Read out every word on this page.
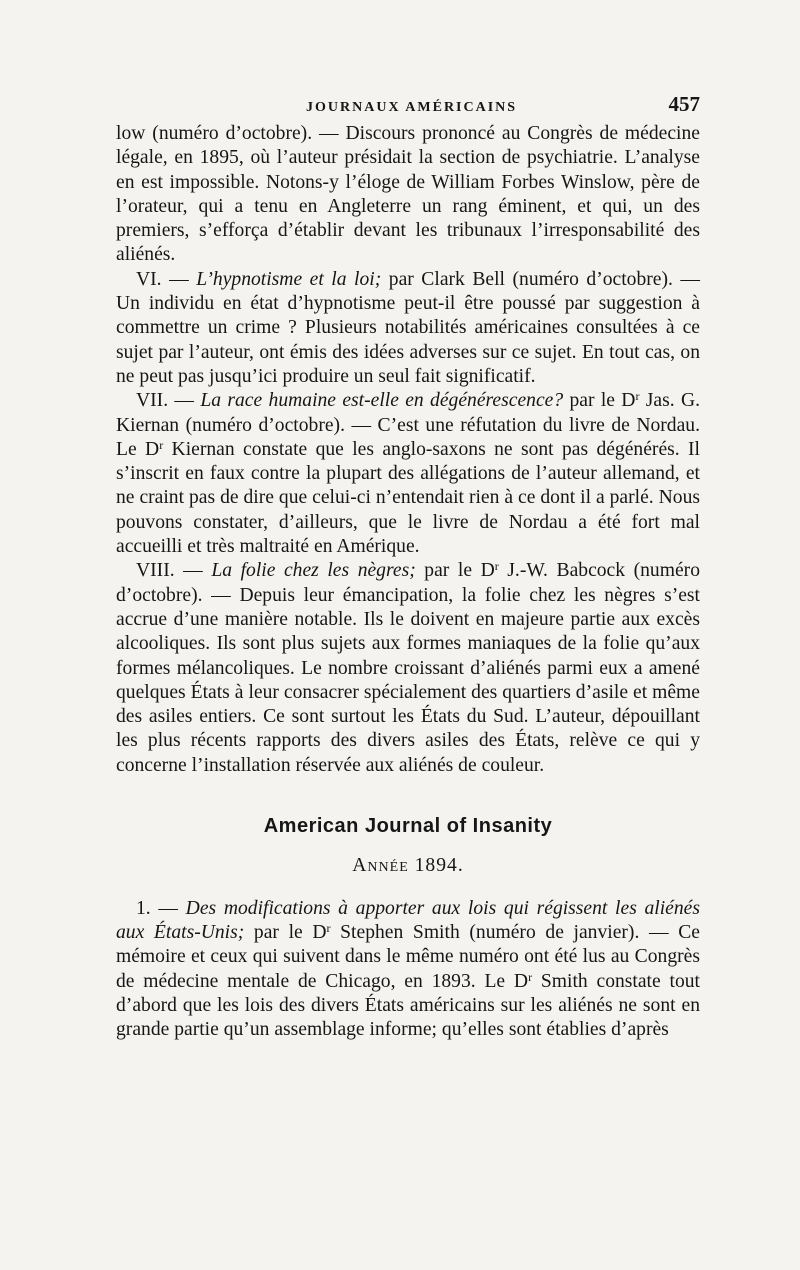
JOURNAUX AMÉRICAINS	457

low (numéro d’octobre). — Discours prononcé au Congrès de médecine légale, en 1895, où l’auteur présidait la section de psychiatrie. L’analyse en est impossible. Notons-y l’éloge de William Forbes Winslow, père de l’orateur, qui a tenu en Angleterre un rang éminent, et qui, un des premiers, s’efforça d’établir devant les tribunaux l’irresponsabilité des aliénés.

VI. — L’hypnotisme et la loi; par Clark Bell (numéro d’octobre). — Un individu en état d’hypnotisme peut-il être poussé par suggestion à commettre un crime ? Plusieurs notabilités américaines consultées à ce sujet par l’auteur, ont émis des idées adverses sur ce sujet. En tout cas, on ne peut pas jusqu’ici produire un seul fait significatif.

VII. — La race humaine est-elle en dégénérescence? par le $D^r$ Jas. G. Kiernan (numéro d’octobre). — C’est une réfutation du livre de Nordau. Le $D^r$ Kiernan constate que les anglo-saxons ne sont pas dégénérés. Il s’inscrit en faux contre la plupart des allégations de l’auteur allemand, et ne craint pas de dire que celui-ci n’entendait rien à ce dont il a parlé. Nous pouvons constater, d’ailleurs, que le livre de Nordau a été fort mal accueilli et très maltraité en Amérique.

VIII. — La folie chez les nègres; par le $D^r$ J.-W. Babcock (numéro d’octobre). — Depuis leur émancipation, la folie chez les nègres s’est accrue d’une manière notable. Ils le doivent en majeure partie aux excès alcooliques. Ils sont plus sujets aux formes maniaques de la folie qu’aux formes mélancoliques. Le nombre croissant d’aliénés parmi eux a amené quelques États à leur consacrer spécialement des quartiers d’asile et même des asiles entiers. Ce sont surtout les États du Sud. L’auteur, dépouillant les plus récents rapports des divers asiles des États, relève ce qui y concerne l’installation réservée aux aliénés de couleur.

American Journal of Insanity
Année 1894.

1. — Des modifications à apporter aux lois qui régissent les aliénés aux États-Unis; par le $D^r$ Stephen Smith (numéro de janvier). — Ce mémoire et ceux qui suivent dans le même numéro ont été lus au Congrès de médecine mentale de Chicago, en 1893. Le $D^r$ Smith constate tout d’abord que les lois des divers États américains sur les aliénés ne sont en grande partie qu’un assemblage informe; qu’elles sont établies d’après
